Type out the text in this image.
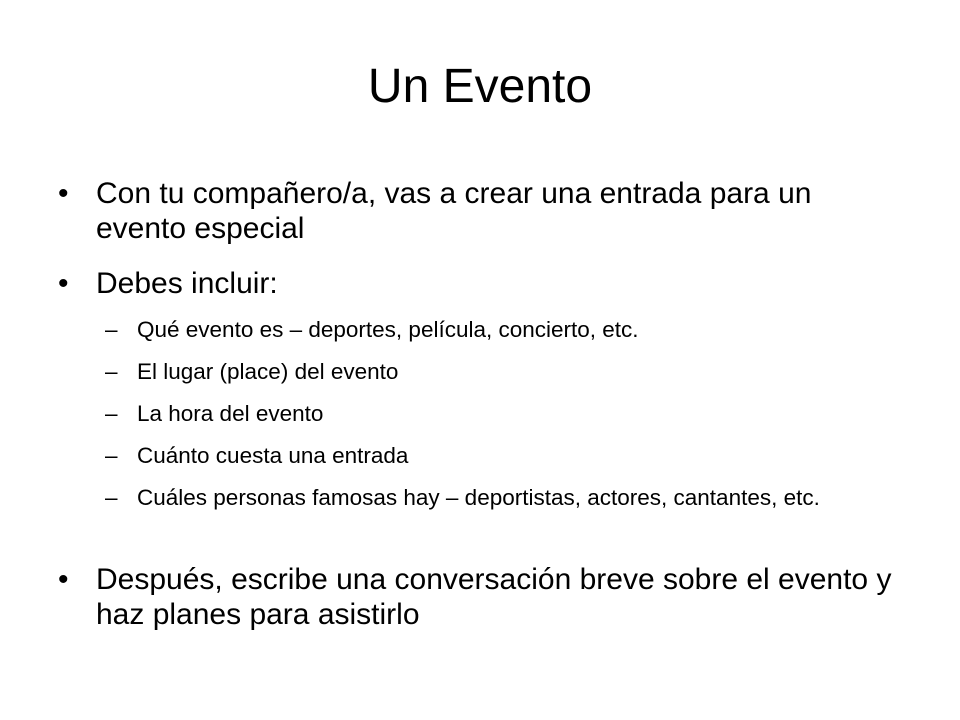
Un Evento
• Con tu compañero/a, vas a crear una entrada para un evento especial
• Debes incluir:
– Qué evento es – deportes, película, concierto, etc.
– El lugar (place) del evento
– La hora del evento
– Cuánto cuesta una entrada
– Cuáles personas famosas hay – deportistas, actores, cantantes, etc.
• Después, escribe una conversación breve sobre el evento y haz planes para asistirlo
